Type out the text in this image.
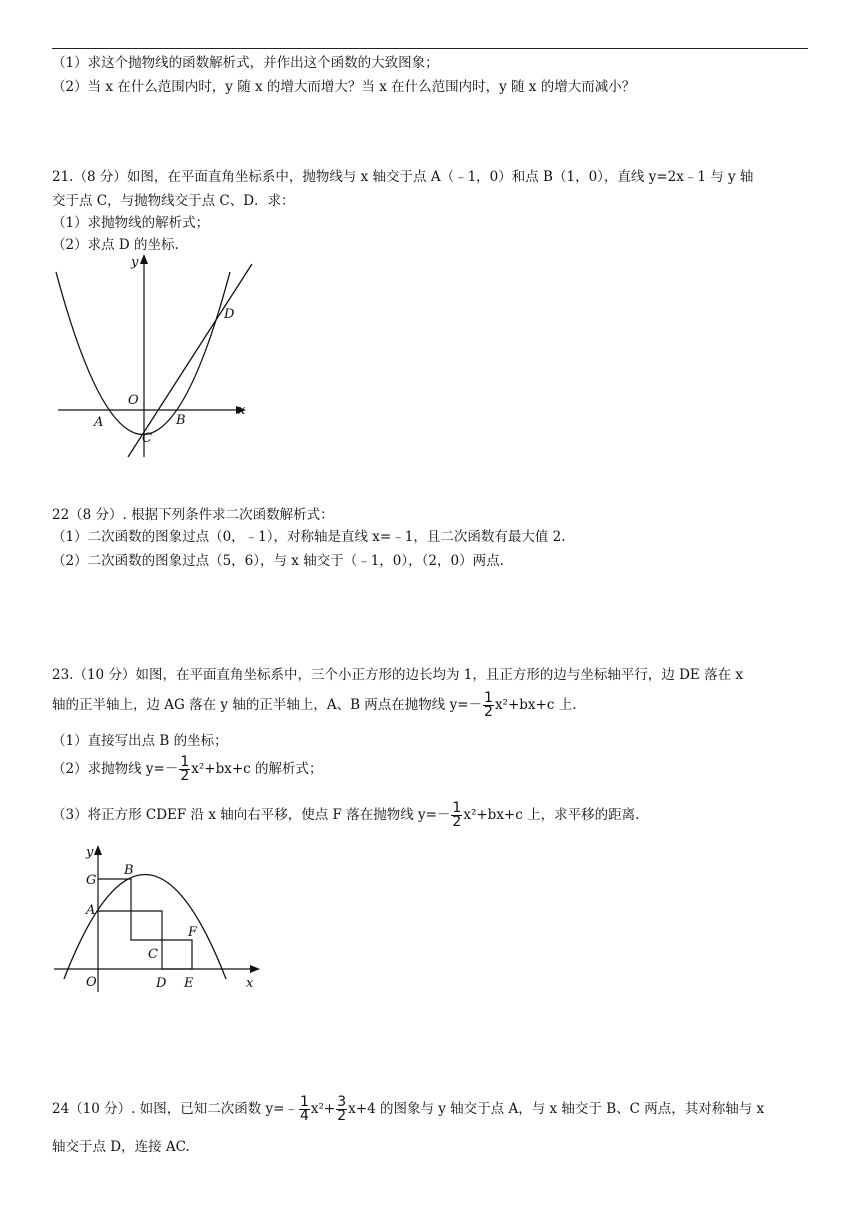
（1）求这个抛物线的函数解析式，并作出这个函数的大致图象；
（2）当 x 在什么范围内时，y 随 x 的增大而增大？当 x 在什么范围内时，y 随 x 的增大而减小？
21.（8 分）如图，在平面直角坐标系中，抛物线与 x 轴交于点 A（﹣1，0）和点 B（1，0），直线 y=2x﹣1 与 y 轴
交于点 C，与抛物线交于点 C、D．求：
（1）求抛物线的解析式；
（2）求点 D 的坐标.
y
x
O
A	B
C
D
22（8 分）. 根据下列条件求二次函数解析式：
（1）二次函数的图象过点（0，﹣1），对称轴是直线 x=﹣1，且二次函数有最大值 2.
（2）二次函数的图象过点（5，6），与 x 轴交于（﹣1，0），（2，0）两点.
23.（10 分）如图，在平面直角坐标系中，三个小正方形的边长均为 1，且正方形的边与坐标轴平行，边 DE 落在 x
轴的正半轴上，边 AG 落在 y 轴的正半轴上，A、B 两点在抛物线 $y=- \frac{1}{2} x^2+bx+c$ 上.
（1）直接写出点 B 的坐标；
（2）求抛物线 $y=- \frac{1}{2} x^2+bx+c$ 的解析式；
（3）将正方形 CDEF 沿 x 轴向右平移，使点 F 落在抛物线 $y=- \frac{1}{2} x^2+bx+c$ 上，求平移的距离.
y
x
O
G
B
A
C
F
D E
24（10 分）. 如图，已知二次函数 y=﹣ $\frac{1}{4} x^2+ \frac{3}{2} x+4$ 的图象与 y 轴交于点 A，与 x 轴交于 B、C 两点，其对称轴与 x
轴交于点 D，连接 AC.
